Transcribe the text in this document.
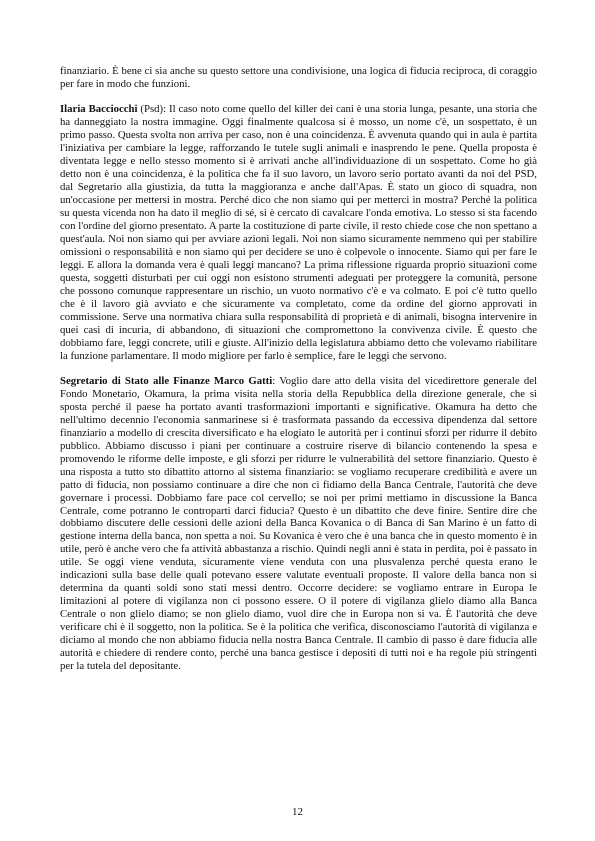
finanziario. È bene ci sia anche su questo settore una condivisione, una logica di fiducia reciproca, di coraggio per fare in modo che funzioni.

Ilaria Bacciocchi (Psd): Il caso noto come quello del killer dei cani è una storia lunga, pesante, una storia che ha danneggiato la nostra immagine. Oggi finalmente qualcosa si è mosso, un nome c'è, un sospettato, è un primo passo. Questa svolta non arriva per caso, non è una coincidenza. È avvenuta quando qui in aula è partita l'iniziativa per cambiare la legge, rafforzando le tutele sugli animali e inasprendo le pene. Quella proposta è diventata legge e nello stesso momento si è arrivati anche all'individuazione di un sospettato. Come ho già detto non è una coincidenza, è la politica che fa il suo lavoro, un lavoro serio portato avanti da noi del PSD, dal Segretario alla giustizia, da tutta la maggioranza e anche dall'Apas. È stato un gioco di squadra, non un'occasione per mettersi in mostra. Perché dico che non siamo qui per metterci in mostra? Perché la politica su questa vicenda non ha dato il meglio di sé, si è cercato di cavalcare l'onda emotiva. Lo stesso si sta facendo con l'ordine del giorno presentato. A parte la costituzione di parte civile, il resto chiede cose che non spettano a quest'aula. Noi non siamo qui per avviare azioni legali. Noi non siamo sicuramente nemmeno qui per stabilire omissioni o responsabilità e non siamo qui per decidere se uno è colpevole o innocente. Siamo qui per fare le leggi. E allora la domanda vera è quali leggi mancano? La prima riflessione riguarda proprio situazioni come questa, soggetti disturbati per cui oggi non esistono strumenti adeguati per proteggere la comunità, persone che possono comunque rappresentare un rischio, un vuoto normativo c'è e va colmato. E poi c'è tutto quello che è il lavoro già avviato e che sicuramente va completato, come da ordine del giorno approvati in commissione. Serve una normativa chiara sulla responsabilità di proprietà e di animali, bisogna intervenire in quei casi di incuria, di abbandono, di situazioni che compromettono la convivenza civile. È questo che dobbiamo fare, leggi concrete, utili e giuste. All'inizio della legislatura abbiamo detto che volevamo riabilitare la funzione parlamentare. Il modo migliore per farlo è semplice, fare le leggi che servono.

Segretario di Stato alle Finanze Marco Gatti: Voglio dare atto della visita del vicedirettore generale del Fondo Monetario, Okamura, la prima visita nella storia della Repubblica della direzione generale, che si sposta perché il paese ha portato avanti trasformazioni importanti e significative. Okamura ha detto che nell'ultimo decennio l'economia sanmarinese si è trasformata passando da eccessiva dipendenza dal settore finanziario a modello di crescita diversificato e ha elogiato le autorità per i continui sforzi per ridurre il debito pubblico. Abbiamo discusso i piani per continuare a costruire riserve di bilancio contenendo la spesa e promovendo le riforme delle imposte, e gli sforzi per ridurre le vulnerabilità del settore finanziario. Questo è una risposta a tutto sto dibattito attorno al sistema finanziario: se vogliamo recuperare credibilità e avere un patto di fiducia, non possiamo continuare a dire che non ci fidiamo della Banca Centrale, l'autorità che deve governare i processi. Dobbiamo fare pace col cervello; se noi per primi mettiamo in discussione la Banca Centrale, come potranno le controparti darci fiducia? Questo è un dibattito che deve finire. Sentire dire che dobbiamo discutere delle cessioni delle azioni della Banca Kovanica o di Banca di San Marino è un fatto di gestione interna della banca, non spetta a noi. Su Kovanica è vero che è una banca che in questo momento è in utile, però è anche vero che fa attività abbastanza a rischio. Quindi negli anni è stata in perdita, poi è passato in utile. Se oggi viene venduta, sicuramente viene venduta con una plusvalenza perché questa erano le indicazioni sulla base delle quali potevano essere valutate eventuali proposte. Il valore della banca non si determina da quanti soldi sono stati messi dentro. Occorre decidere: se vogliamo entrare in Europa le limitazioni al potere di vigilanza non ci possono essere. O il potere di vigilanza glielo diamo alla Banca Centrale o non glielo diamo; se non glielo diamo, vuol dire che in Europa non si va. È l'autorità che deve verificare chi è il soggetto, non la politica. Se è la politica che verifica, disconosciamo l'autorità di vigilanza e diciamo al mondo che non abbiamo fiducia nella nostra Banca Centrale. Il cambio di passo è dare fiducia alle autorità e chiedere di rendere conto, perché una banca gestisce i depositi di tutti noi e ha regole più stringenti per la tutela del depositante.

12
